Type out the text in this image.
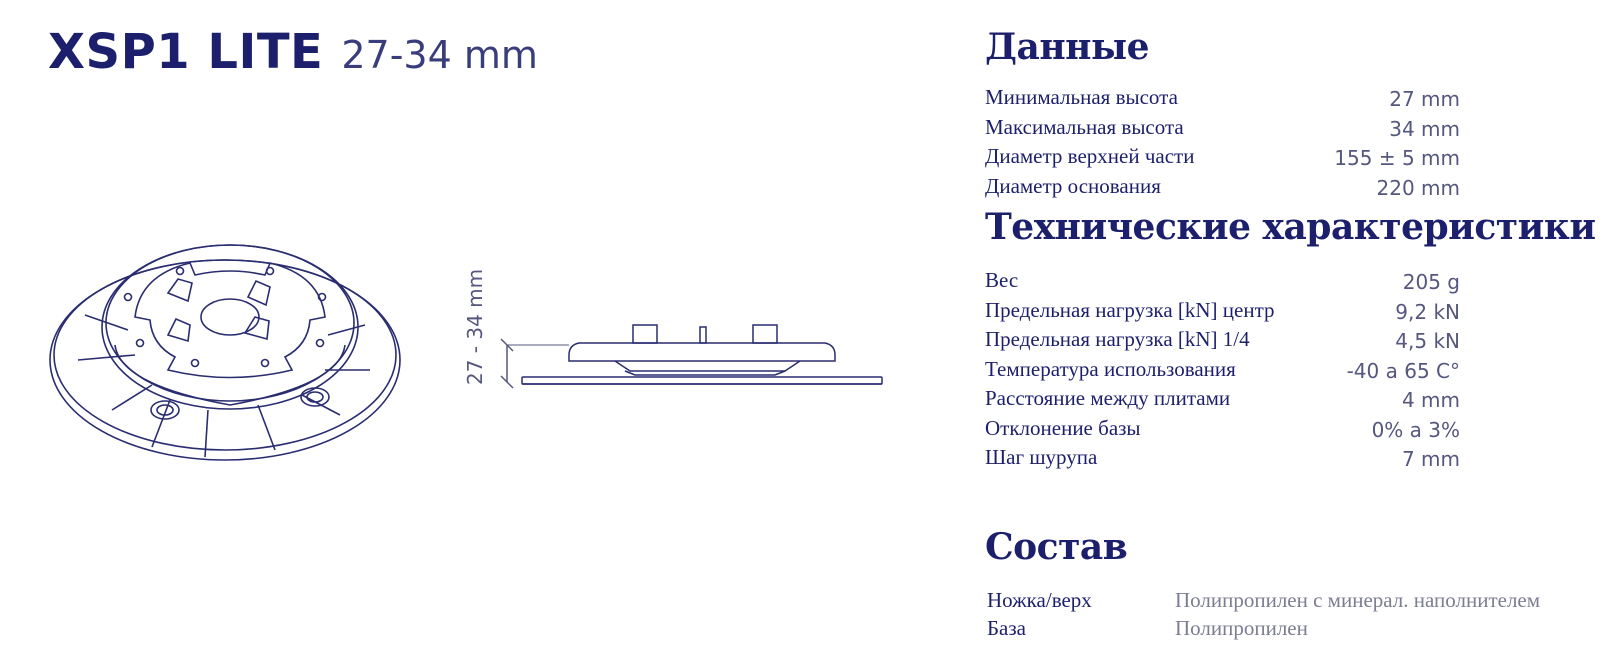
XSP1 LITE 27-34 mm
27 - 34 mm
Данные
Минимальная высота	27 mm
Максимальная высота	34 mm
Диаметр верхней части	155 ± 5 mm
Диаметр основания	220 mm
Технические характеристики
Вес	205 g
Предельная нагрузка [kN] центр	9,2 kN
Предельная нагрузка [kN] 1/4	4,5 kN
Температура использования	-40 a 65 C°
Расстояние между плитами	4 mm
Отклонение базы	0% a 3%
Шаг шурупа	7 mm
Состав
Ножка/верх	Полипропилен с минерал. наполнителем
База	Полипропилен
